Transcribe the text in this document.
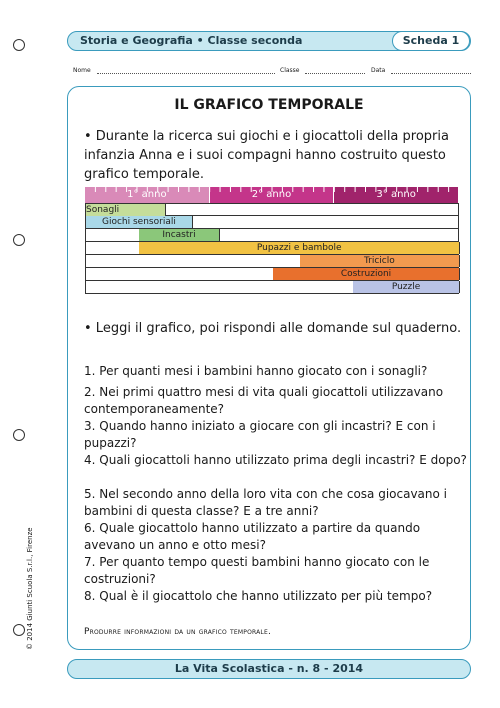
Storia e Geografia • Classe seconda	Scheda 1
Nome	Classe	Data
IL GRAFICO TEMPORALE
• Durante la ricerca sui giochi e i giocattoli della propria infanzia Anna e i suoi compagni hanno costruito questo grafico temporale.
1° anno	2° anno	3° anno
Sonagli
Giochi sensoriali
Incastri
Pupazzi e bambole
Triciclo
Costruzioni
Puzzle
• Leggi il grafico, poi rispondi alle domande sul quaderno.
1. Per quanti mesi i bambini hanno giocato con i sonagli?
2. Nei primi quattro mesi di vita quali giocattoli utilizzavano contemporaneamente?
3. Quando hanno iniziato a giocare con gli incastri? E con i pupazzi?
4. Quali giocattoli hanno utilizzato prima degli incastri? E dopo?
5. Nel secondo anno della loro vita con che cosa giocavano i bambini di questa classe? E a tre anni?
6. Quale giocattolo hanno utilizzato a partire da quando avevano un anno e otto mesi?
7. Per quanto tempo questi bambini hanno giocato con le costruzioni?
8. Qual è il giocattolo che hanno utilizzato per più tempo?
Produrre informazioni da un grafico temporale.
© 2014 Giunti Scuola S.r.l., Firenze
La Vita Scolastica - n. 8 - 2014
